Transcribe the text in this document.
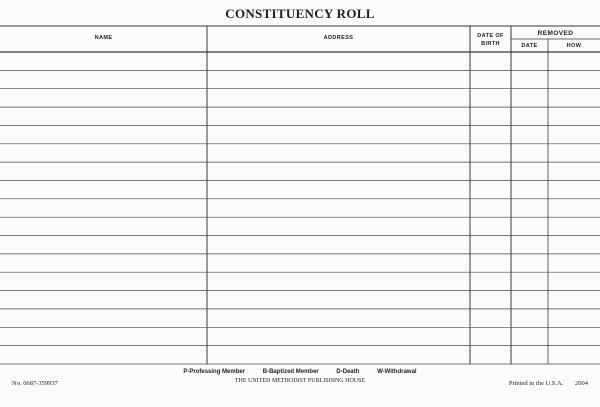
CONSTITUENCY ROLL
NAME	ADDRESS	DATE OF
BIRTH
REMOVED
DATE	HOW
P-Professing Member	B-Baptized Member	D-Death	W-Withdrawal
THE UNITED METHODIST PUBLISHING HOUSE
No. 0687-359937	Printed in the U.S.A. 2004
